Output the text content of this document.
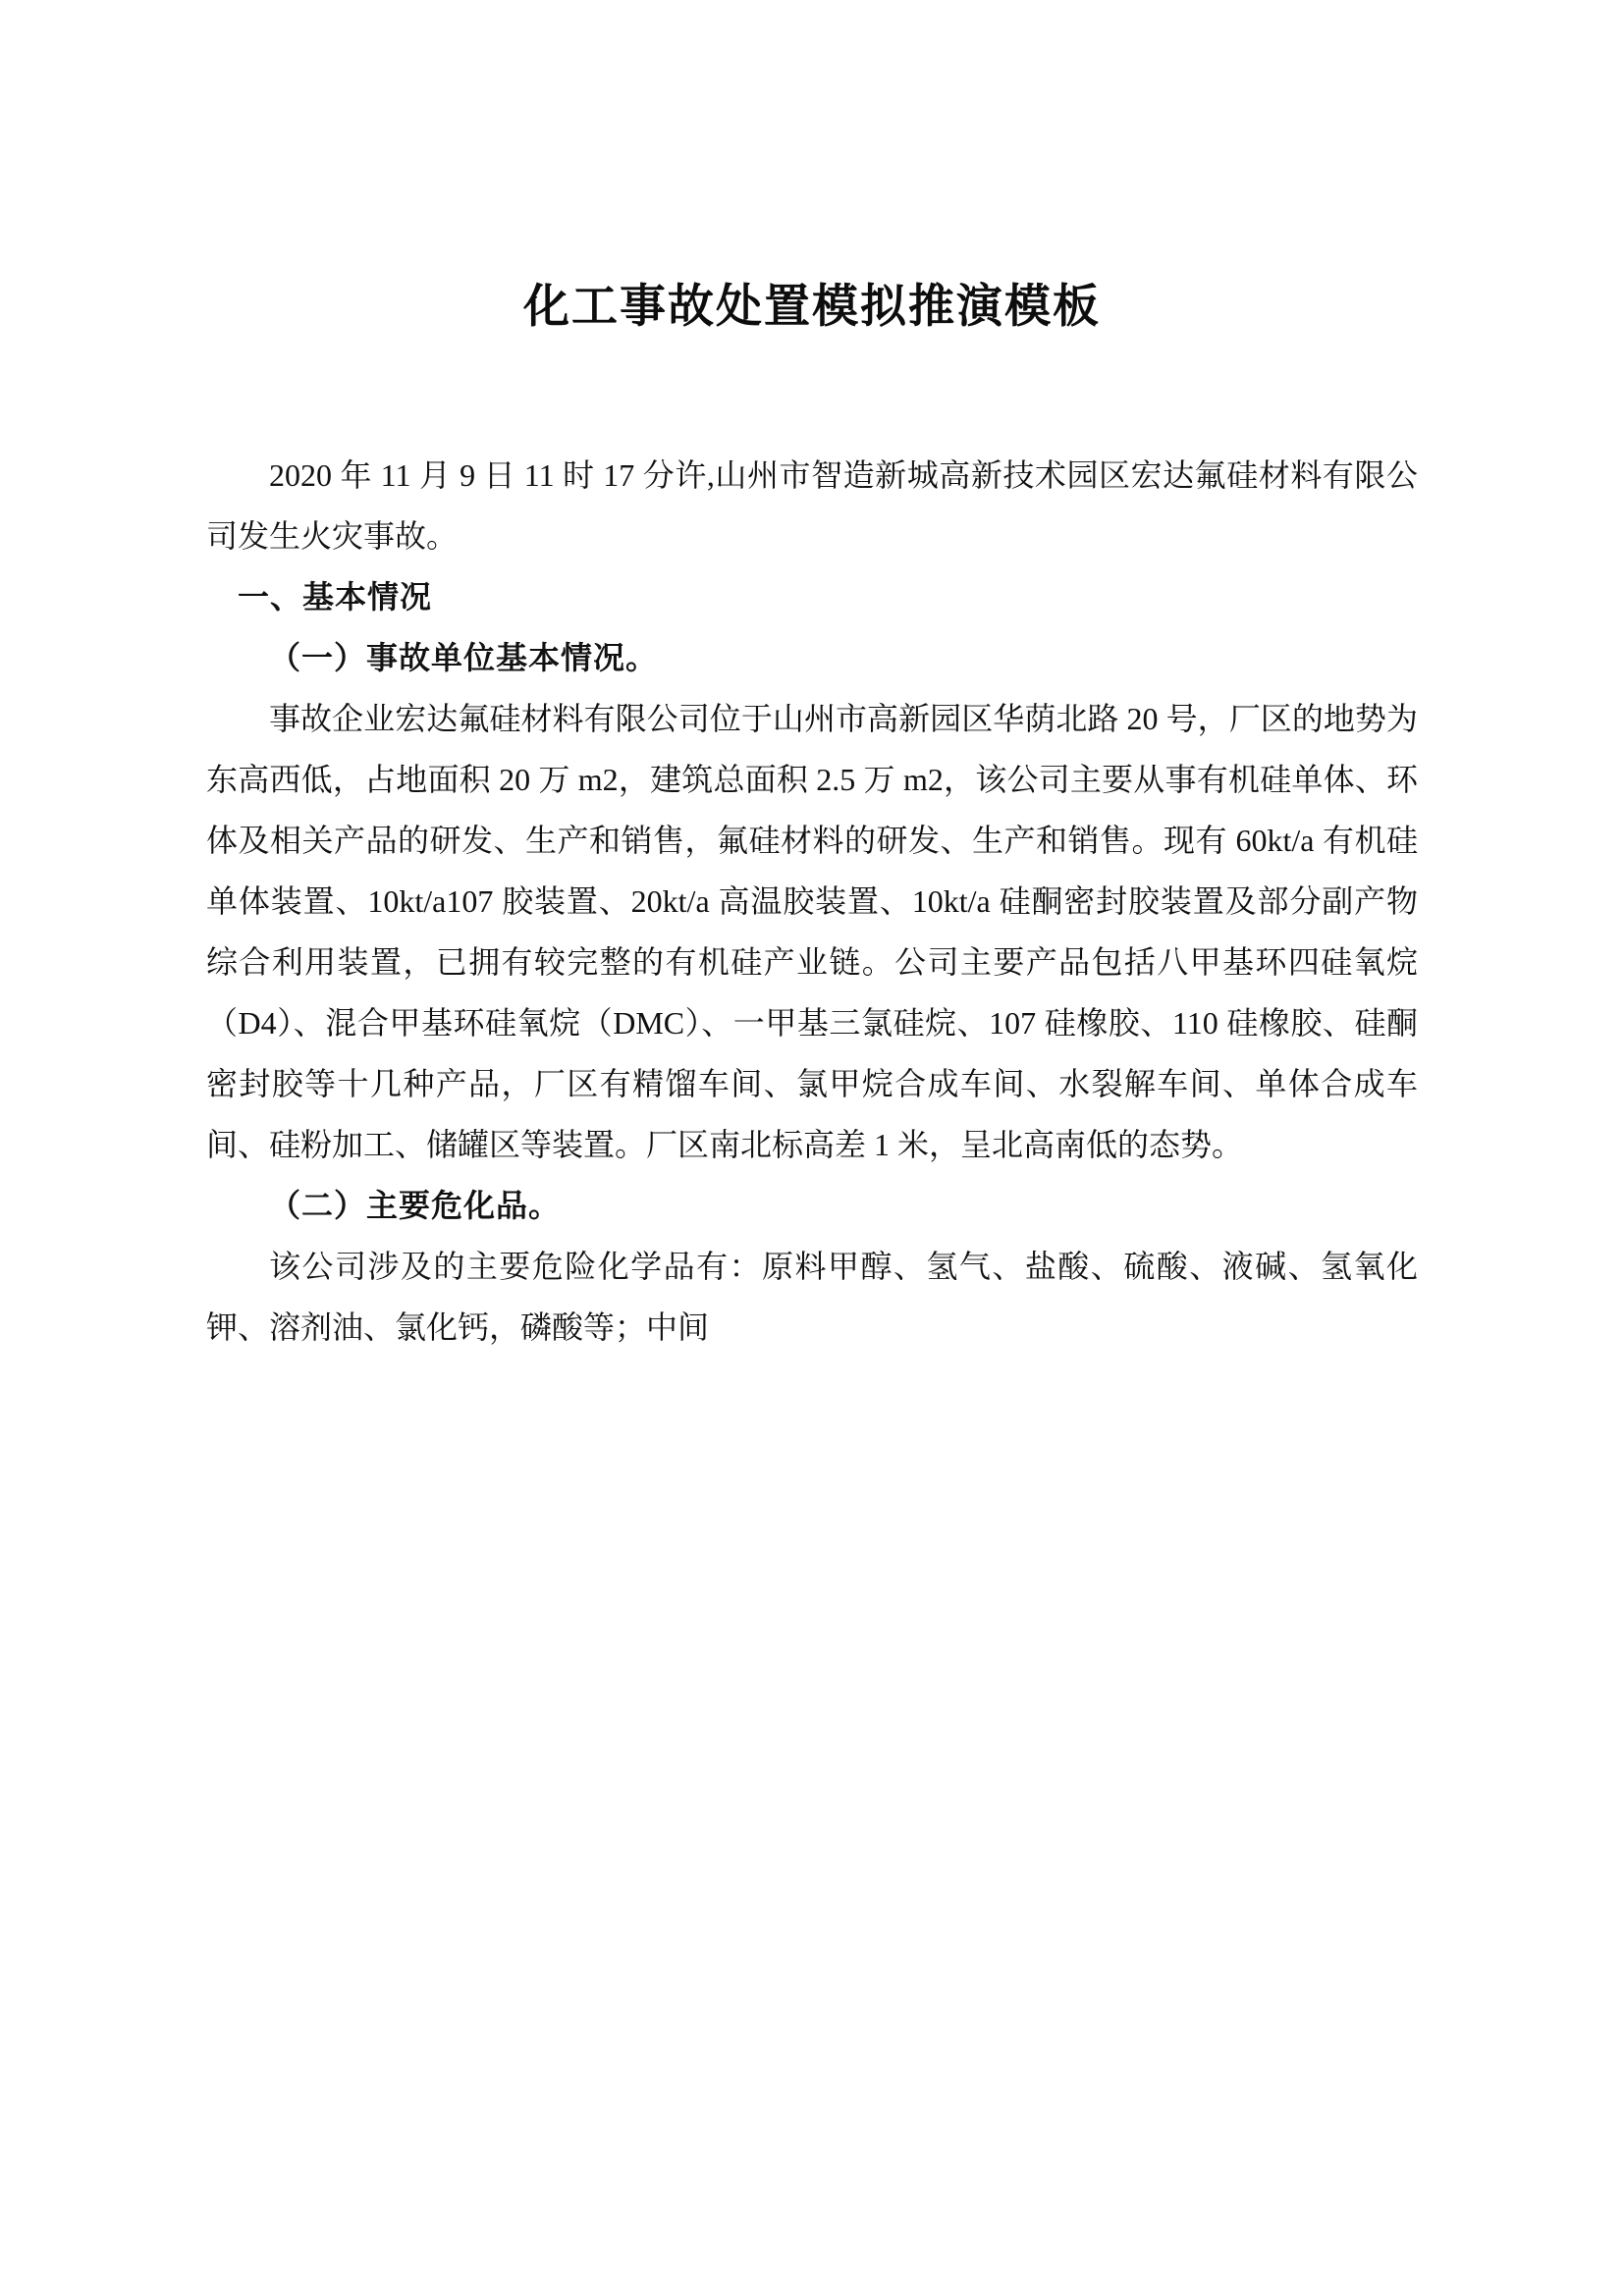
化工事故处置模拟推演模板

2020 年 11 月 9 日 11 时 17 分许,山州市智造新城高新技术园区宏达氟硅材料有限公司发生火灾事故。

一、基本情况

（一）事故单位基本情况。

事故企业宏达氟硅材料有限公司位于山州市高新园区华荫北路 20 号，厂区的地势为东高西低，占地面积 20 万 m2，建筑总面积 2.5 万 m2，该公司主要从事有机硅单体、环体及相关产品的研发、生产和销售，氟硅材料的研发、生产和销售。现有 60kt/a 有机硅单体装置、10kt/a107 胶装置、20kt/a 高温胶装置、10kt/a 硅酮密封胶装置及部分副产物综合利用装置，已拥有较完整的有机硅产业链。公司主要产品包括八甲基环四硅氧烷（D4）、混合甲基环硅氧烷（DMC）、一甲基三氯硅烷、107 硅橡胶、110 硅橡胶、硅酮密封胶等十几种产品，厂区有精馏车间、氯甲烷合成车间、水裂解车间、单体合成车间、硅粉加工、储罐区等装置。厂区南北标高差 1 米，呈北高南低的态势。

（二）主要危化品。

该公司涉及的主要危险化学品有：原料甲醇、氢气、盐酸、硫酸、液碱、氢氧化钾、溶剂油、氯化钙，磷酸等；中间
